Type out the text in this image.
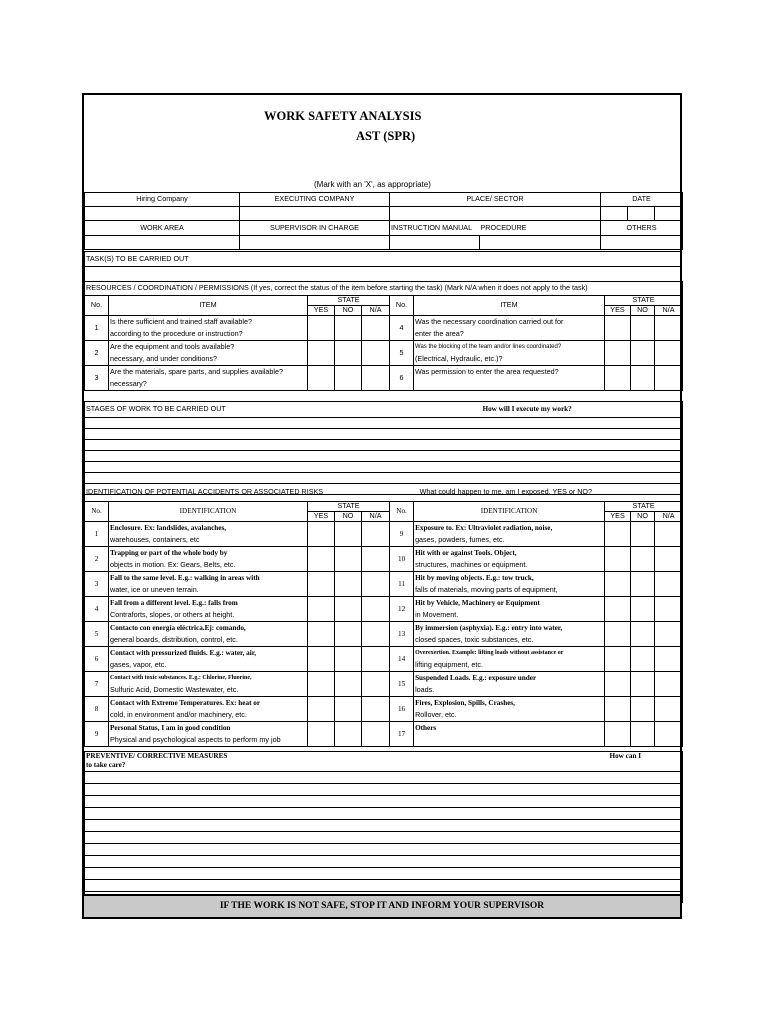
WORK SAFETY ANALYSIS
AST (SPR)
(Mark with an 'X', as appropriate)
Hiring Company	EXECUTING COMPANY	PLACE/ SECTOR		DATE		

WORK AREA	SUPERVISOR IN CHARGE	INSTRUCTION MANUAL	PROCEDURE	OTHERS		

TASK(S) TO BE CARRIED OUT

RESOURCES / COORDINATION / PERMISSIONS (If yes, correct the status of the item before starting the task) (Mark N/A when it does not apply to the task)									
No.	ITEM	STATE			No.	ITEM	STATE		
		YES	NO	N/A			YES	NO	N/A
1	Is there sufficient and trained staff available?
according to the procedure or instruction?				4	Was the necessary coordination carried out for
enter the area?			

2	Are the equipment and tools available?
necessary, and under conditions?				5	Was the blocking of the team and/or lines coordinated?
(Electrical, Hydraulic, etc.)?			

3	Are the materials, spare parts, and supplies available?
necessary?				6	Was permission to enter the area requested?			

STAGES OF WORK TO BE CARRIED OUT	How will I execute my work?

IDENTIFICATION OF POTENTIAL ACCIDENTS OR ASSOCIATED RISKS					What could happen to me, am I exposed, YES or NO?				
No.	IDENTIFICATION	STATE			No.	IDENTIFICATION	STATE		
		YES	NO	N/A			YES	NO	N/A
1	Enclosure. Ex: landslides, avalanches,
warehouses, containers, etc				9	Exposure to. Ex: Ultraviolet radiation, noise,
gases, powders, fumes, etc.			

2	Trapping or part of the whole body by
objects in motion. Ex: Gears, Belts, etc.				10	Hit with or against Tools. Object,
structures, machines or equipment.			

3	Fall to the same level. E.g.: walking in areas with
water, ice or uneven terrain.				11	Hit by moving objects. E.g.: tow truck,
falls of materials, moving parts of equipment,			

4	Fall from a different level. E.g.: falls from
Contraforts, slopes, or others at height.				12	Hit by Vehicle, Machinery or Equipment
in Movement.			

5	Contacto con energía eléctrica.Ej: comando,
general boards, distribution, control, etc.				13	By immersion (asphyxia). E.g.: entry into water,
closed spaces, toxic substances, etc.			

6	Contact with pressurized fluids. E.g.: water, air,
gases, vapor, etc.				14	Overexertion. Example: lifting loads without assistance or
lifting equipment, etc.			

7	Contact with toxic substances. E.g.: Chlorine, Fluorine,
Sulfuric Acid, Domestic Wastewater, etc.				15	Suspended Loads. E.g.: exposure under
loads.			

8	Contact with Extreme Temperatures. Ex: heat or
cold, in environment and/or machinery, etc.				16	Fires, Explosion, Spills, Crashes,
Rollover, etc.			

9	Personal Status, I am in good condition
Physical and psychological aspects to perform my job				17	Others			

PREVENTIVE/ CORRECTIVE MEASURES
to take care?
	How can I

IF THE WORK IS NOT SAFE, STOP IT AND INFORM YOUR SUPERVISOR
